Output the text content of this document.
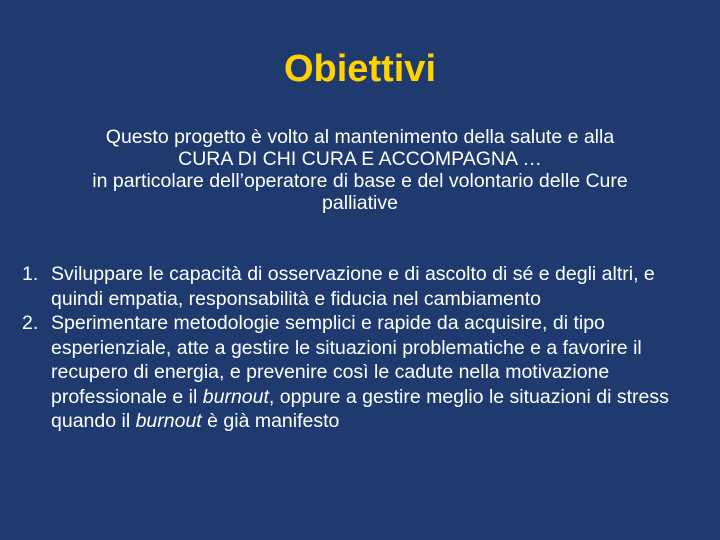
Obiettivi
Questo progetto è volto al mantenimento della salute e alla
CURA DI CHI CURA E ACCOMPAGNA …
in particolare dell’operatore di base e del volontario delle Cure
palliative
1. Sviluppare le capacità di osservazione e di ascolto di sé e degli altri, e quindi empatia, responsabilità e fiducia nel cambiamento
2. Sperimentare metodologie semplici e rapide da acquisire, di tipo esperienziale, atte a gestire le situazioni problematiche e a favorire il recupero di energia, e prevenire così le cadute nella motivazione professionale e il burnout, oppure a gestire meglio le situazioni di stress quando il burnout è già manifesto
